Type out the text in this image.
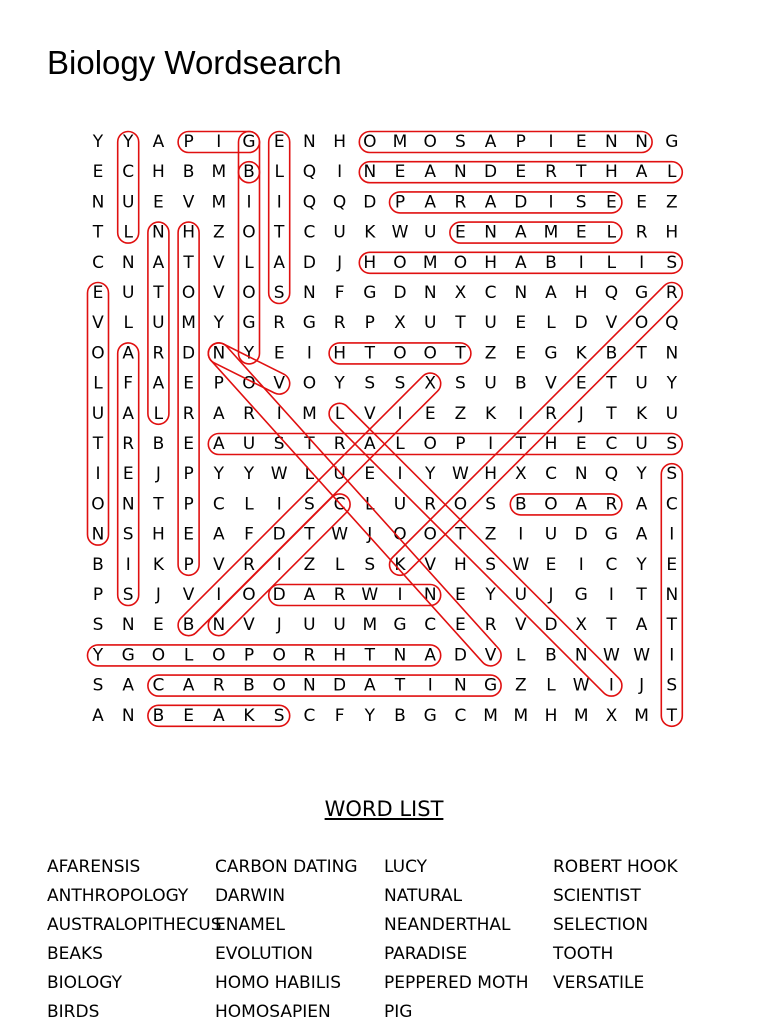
Biology Wordsearch
Y Y A P I G E N H O M O S A P I E N N G
E C H B M B L Q I N E A N D E R T H A L
N U E V M I I Q Q D P A R A D I S E E Z
T L N H Z O T C U K W U E N A M E L R H
C N A T V L A D J H O M O H A B I L I S
E U T O V O S N F G D N X C N A H Q G R
V L U M Y G R G R P X U T U E L D V O Q
O A R D N Y E I H T O O T Z E G K B T N
L F A E P O V O Y S S X S U B V E T U Y
U A L R A R I M L V I E Z K I R J T K U
T R B E A U S T R A L O P I T H E C U S
I E J P Y Y W L U E I Y W H X C N Q Y S
O N T P C L I S C L U R O S B O A R A C
N S H E A F D T W J O O T Z I U D G A I
B I K P V R I Z L S K V H S W E I C Y E
P S J V I O D A R W I N E Y U J G I T N
S N E B N V J U U M G C E R V D X T A T
Y G O L O P O R H T N A D V L B N W W I
S A C A R B O N D A T I N G Z L W I J S
A N B E A K S C F Y B G C M M H M X M T
WORD LIST
AFARENSIS
ANTHROPOLOGY
AUSTRALOPITHECUS
BEAKS
BIOLOGY
BIRDS
CARBON DATING
DARWIN
ENAMEL
EVOLUTION
HOMO HABILIS
HOMOSAPIEN
LUCY
NATURAL
NEANDERTHAL
PARADISE
PEPPERED MOTH
PIG
ROBERT HOOK
SCIENTIST
SELECTION
TOOTH
VERSATILE
